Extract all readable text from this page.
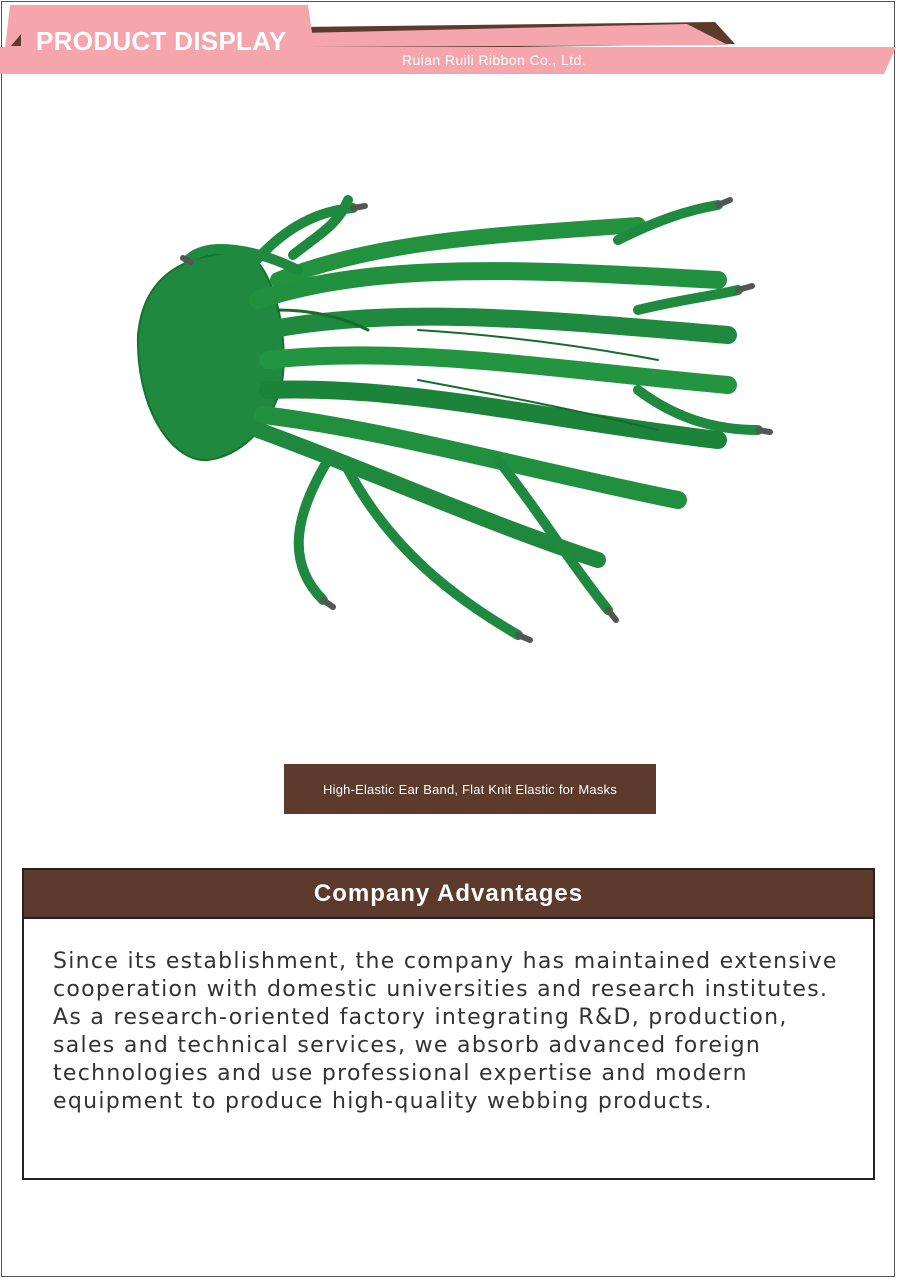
PRODUCT DISPLAY
Ruian Ruili Ribbon Co., Ltd.
High-Elastic Ear Band, Flat Knit Elastic for Masks
Company Advantages

Since its establishment, the company has maintained extensive cooperation with domestic universities and research institutes. As a research-oriented factory integrating R&D, production, sales and technical services, we absorb advanced foreign technologies and use professional expertise and modern equipment to produce high-quality webbing products.
